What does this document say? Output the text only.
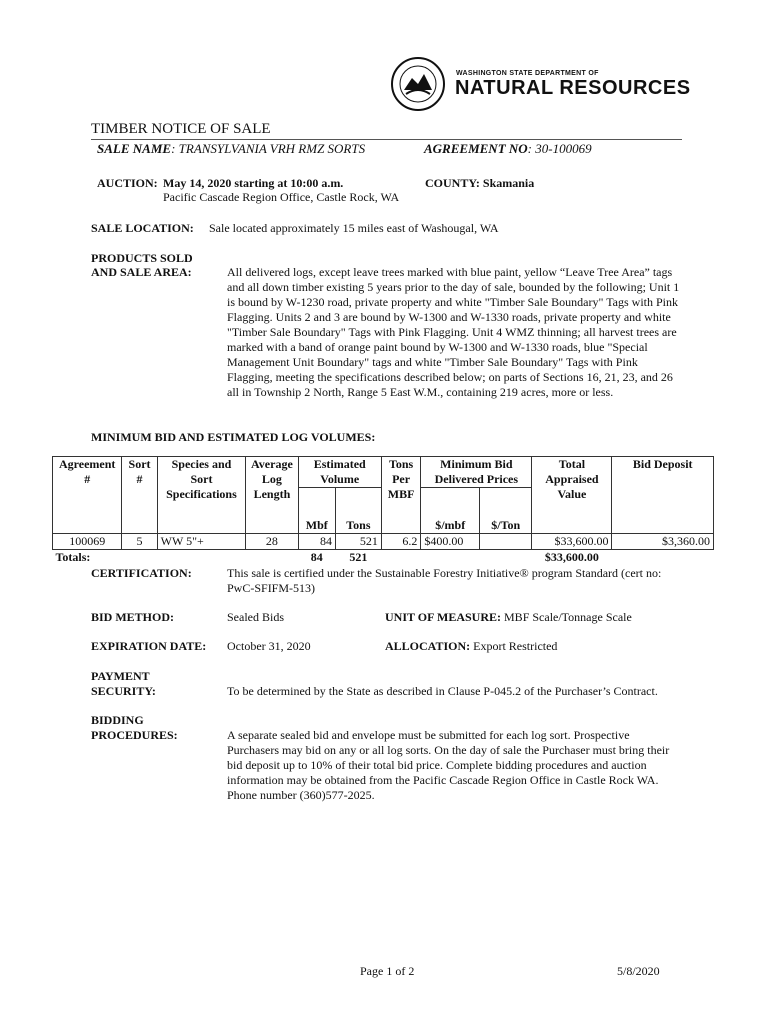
WASHINGTON STATE DEPARTMENT OF
NATURAL RESOURCES
TIMBER NOTICE OF SALE
SALE NAME: TRANSYLVANIA VRH RMZ SORTS	AGREEMENT NO: 30-100069
AUCTION: May 14, 2020 starting at 10:00 a.m.
Pacific Cascade Region Office, Castle Rock, WA
COUNTY: Skamania
SALE LOCATION: Sale located approximately 15 miles east of Washougal, WA
PRODUCTS SOLD
AND SALE AREA:	All delivered logs, except leave trees marked with blue paint, yellow “Leave Tree Area” tags and all down timber existing 5 years prior to the day of sale, bounded by the following; Unit 1 is bound by W-1230 road, private property and white "Timber Sale Boundary" Tags with Pink Flagging. Units 2 and 3 are bound by W-1300 and W-1330 roads, private property and white "Timber Sale Boundary" Tags with Pink Flagging. Unit 4 WMZ thinning; all harvest trees are marked with a band of orange paint bound by W-1300 and W-1330 roads, blue "Special Management Unit Boundary" tags and white "Timber Sale Boundary" Tags with Pink Flagging, meeting the specifications described below; on parts of Sections 16, 21, 23, and 26 all in Township 2 North, Range 5 East W.M., containing 219 acres, more or less.
MINIMUM BID AND ESTIMATED LOG VOLUMES:
Agreement #	Sort #	Species and Sort Specifications	Average Log Length	Estimated Volume		Tons Per MBF	Minimum Bid Delivered Prices		Total Appraised Value	Bid Deposit
				Mbf	Tons		$/mbf	$/Ton		
100069	5	WW 5"+	28	84	521	6.2	$400.00		$33,600.00	$3,360.00
Totals:				84	521				$33,600.00	
CERTIFICATION:	This sale is certified under the Sustainable Forestry Initiative® program Standard (cert no: PwC-SFIFM-513)
BID METHOD:	Sealed Bids	UNIT OF MEASURE: MBF Scale/Tonnage Scale
EXPIRATION DATE: October 31, 2020	ALLOCATION: Export Restricted
PAYMENT
SECURITY:	To be determined by the State as described in Clause P-045.2 of the Purchaser’s Contract.
BIDDING
PROCEDURES:	A separate sealed bid and envelope must be submitted for each log sort. Prospective Purchasers may bid on any or all log sorts. On the day of sale the Purchaser must bring their bid deposit up to 10% of their total bid price. Complete bidding procedures and auction information may be obtained from the Pacific Cascade Region Office in Castle Rock WA. Phone number (360)577-2025.
Page 1 of 2	5/8/2020
